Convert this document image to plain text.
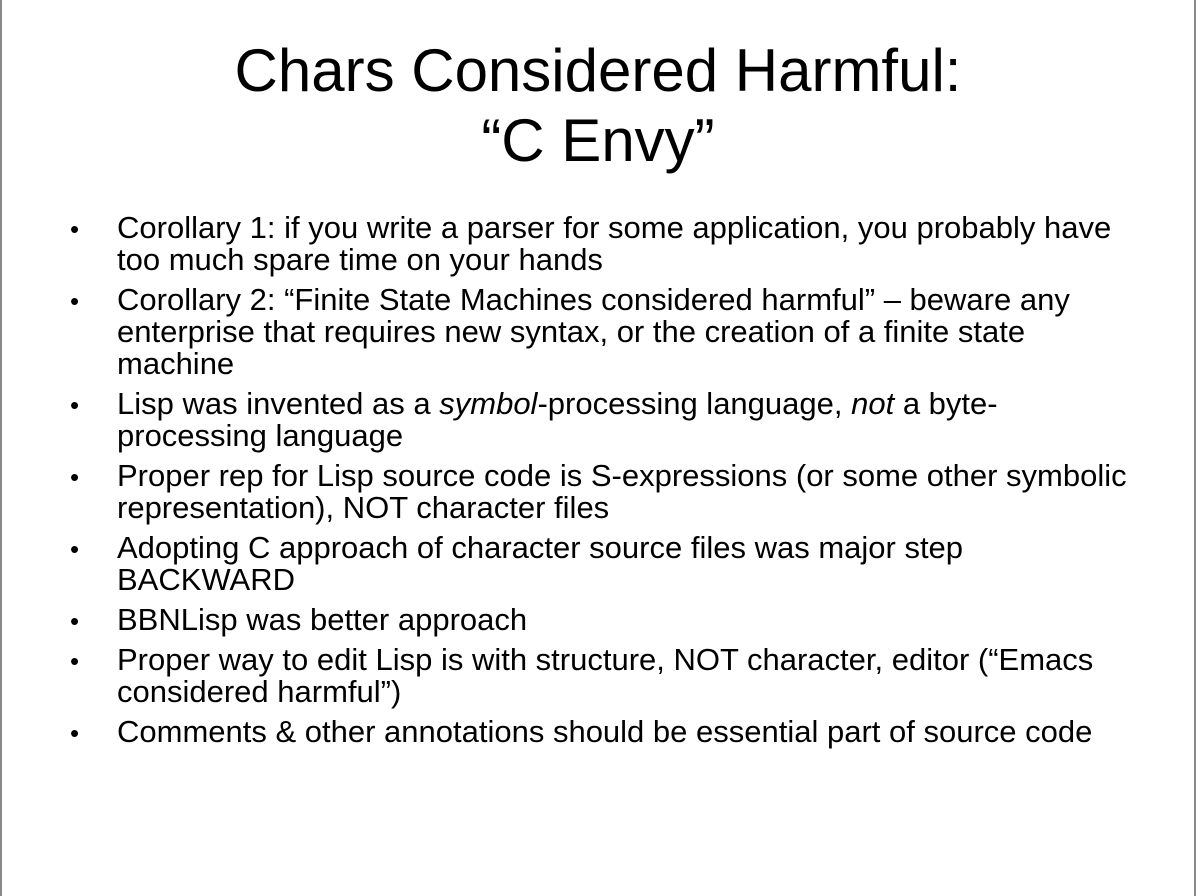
Chars Considered Harmful:
“C Envy”
•	Corollary 1: if you write a parser for some application, you probably have too much spare time on your hands
•	Corollary 2: “Finite State Machines considered harmful” – beware any enterprise that requires new syntax, or the creation of a finite state machine
•	Lisp was invented as a symbol-processing language, not a byte-processing language
•	Proper rep for Lisp source code is S-expressions (or some other symbolic representation), NOT character files
•	Adopting C approach of character source files was major step BACKWARD
•	BBNLisp was better approach
•	Proper way to edit Lisp is with structure, NOT character, editor (“Emacs considered harmful”)
•	Comments & other annotations should be essential part of source code
